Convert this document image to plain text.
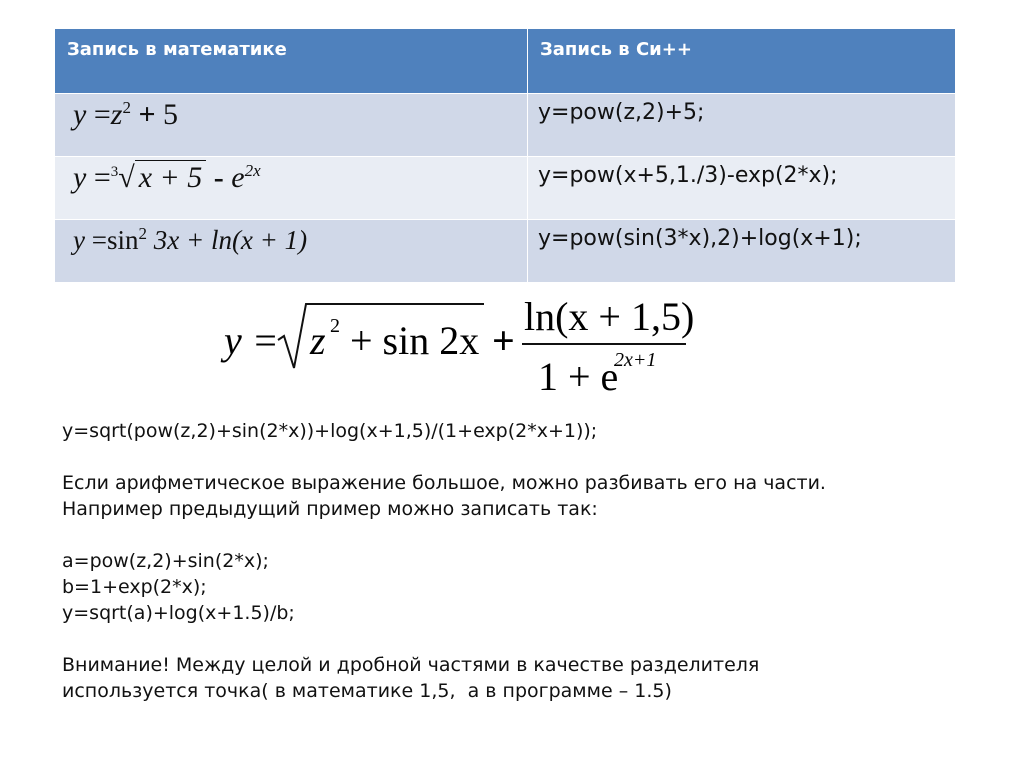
Запись в математике	Запись в Си++
y =z2 + 5	y=pow(z,2)+5;
y =3√ x + 5 - e2x	y=pow(x+5,1./3)-exp(2*x);
y =sin2 3x + ln(x + 1)	y=pow(sin(3*x),2)+log(x+1);
y = z 2 + sin 2x +
ln(x + 1,5)
1 + e
2x+1
y=sqrt(pow(z,2)+sin(2*x))+log(x+1,5)/(1+exp(2*x+1));
Если арифметическое выражение большое, можно разбивать его на части.
Например предыдущий пример можно записать так:
a=pow(z,2)+sin(2*x);
b=1+exp(2*x);
y=sqrt(a)+log(x+1.5)/b;
Внимание! Между целой и дробной частями в качестве разделителя
используется точка( в математике 1,5,  а в программе – 1.5)
